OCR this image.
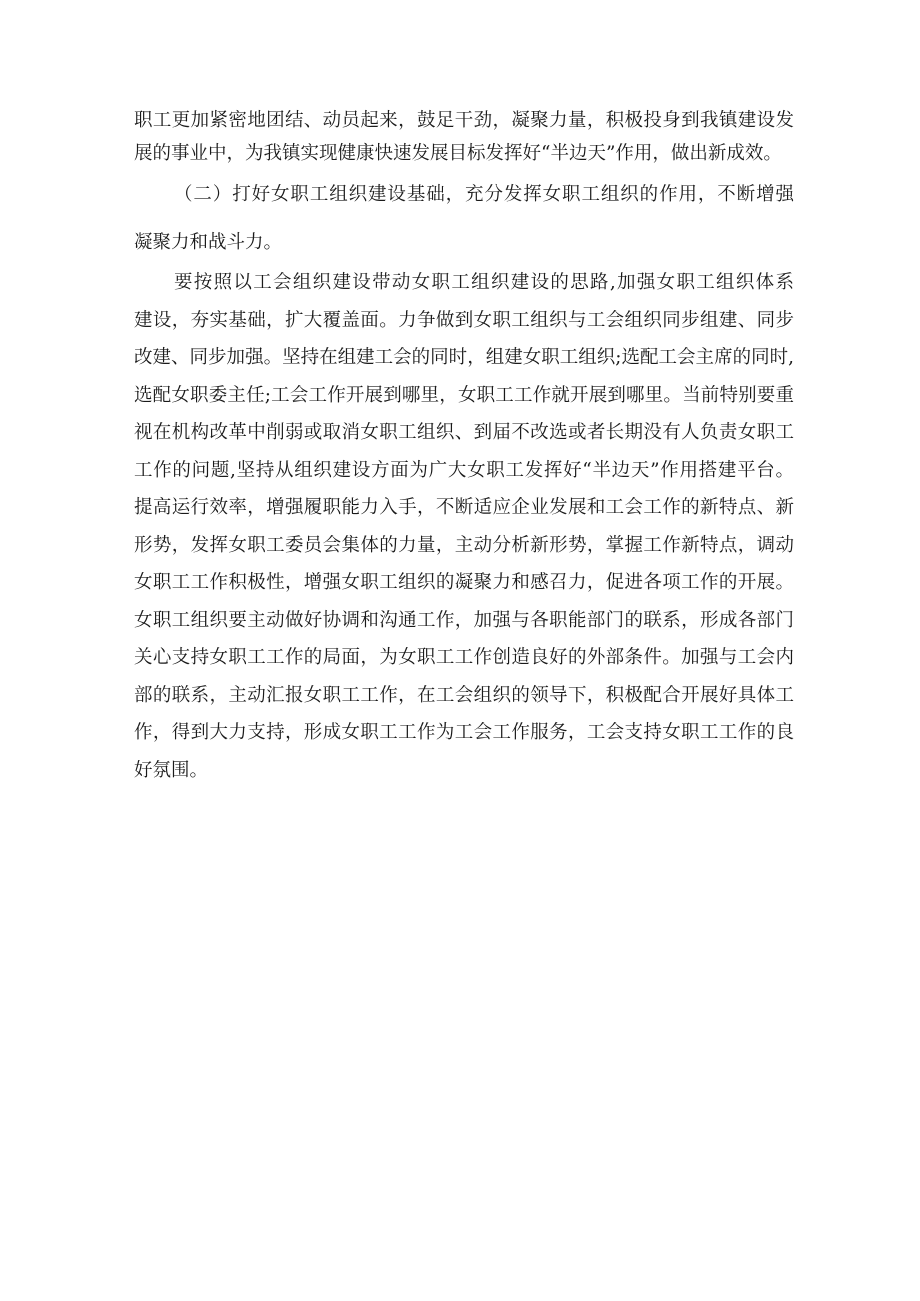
职工更加紧密地团结、动员起来，鼓足干劲，凝聚力量，积极投身到我镇建设发
展的事业中，为我镇实现健康快速发展目标发挥好“半边天”作用，做出新成效。
（二）打好女职工组织建设基础，充分发挥女职工组织的作用，不断增强
凝聚力和战斗力。
要按照以工会组织建设带动女职工组织建设的思路,加强女职工组织体系
建设，夯实基础，扩大覆盖面。力争做到女职工组织与工会组织同步组建、同步
改建、同步加强。坚持在组建工会的同时，组建女职工组织;选配工会主席的同时,
选配女职委主任;工会工作开展到哪里，女职工工作就开展到哪里。当前特别要重
视在机构改革中削弱或取消女职工组织、到届不改选或者长期没有人负责女职工
工作的问题,坚持从组织建设方面为广大女职工发挥好“半边天”作用搭建平台。
提高运行效率，增强履职能力入手，不断适应企业发展和工会工作的新特点、新
形势，发挥女职工委员会集体的力量，主动分析新形势，掌握工作新特点，调动
女职工工作积极性，增强女职工组织的凝聚力和感召力，促进各项工作的开展。
女职工组织要主动做好协调和沟通工作，加强与各职能部门的联系，形成各部门
关心支持女职工工作的局面，为女职工工作创造良好的外部条件。加强与工会内
部的联系，主动汇报女职工工作，在工会组织的领导下，积极配合开展好具体工
作，得到大力支持，形成女职工工作为工会工作服务，工会支持女职工工作的良
好氛围。
